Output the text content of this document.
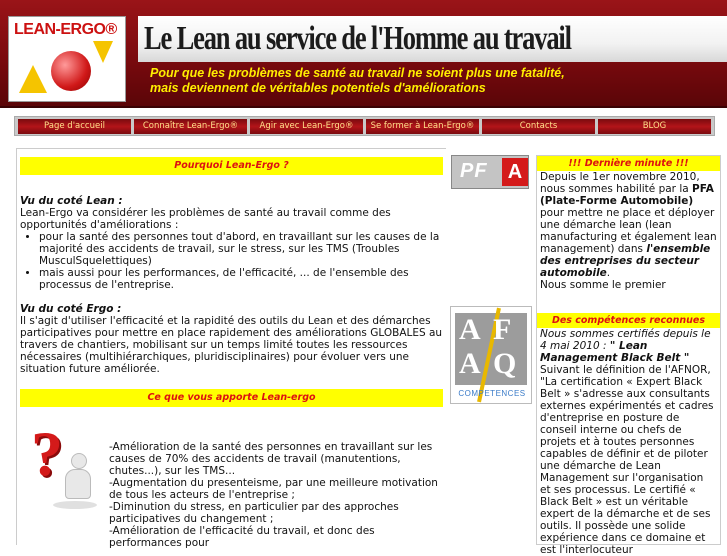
LEAN-ERGO® Le Lean au service de l'Homme au travail
Pour que les problèmes de santé au travail ne soient plus une fatalité,
mais deviennent de véritables potentiels d'améliorations
Page d'accueil	Connaître Lean-Ergo®	Agir avec Lean-Ergo®	Se former à Lean-Ergo®	Contacts	BLOG
Pourquoi Lean-Ergo ?
Vu du coté Lean :
Lean-Ergo va considérer les problèmes de santé au travail comme des opportunités d'améliorations :
• pour la santé des personnes tout d'abord, en travaillant sur les causes de la majorité des accidents de travail, sur le stress, sur les TMS (Troubles MusculSquelettiques)
• mais aussi pour les performances, de l'efficacité, ... de l'ensemble des processus de l'entreprise.
Vu du coté Ergo :
Il s'agit d'utiliser l'efficacité et la rapidité des outils du Lean et des démarches participatives pour mettre en place rapidement des améliorations GLOBALES au travers de chantiers, mobilisant sur un temps limité toutes les ressources nécessaires (multihiérarchiques, pluridisciplinaires) pour évoluer vers une situation future améliorée.
Ce que vous apporte Lean-ergo
?	-Amélioration de la santé des personnes en travaillant sur les causes de 70% des accidents de travail (manutentions, chutes...), sur les TMS...
-Augmentation du presenteisme, par une meilleure motivation de tous les acteurs de l'entreprise ;
-Diminution du stress, en particulier par des approches participatives du changement ;
-Amélioration de l'efficacité du travail, et donc des performances pour
PF A
A F
A Q
COMPETENCES
!!! Dernière minute !!!
Depuis le 1er novembre 2010, nous sommes habilité par la PFA (Plate-Forme Automobile) pour mettre ne place et déployer une démarche lean (lean manufacturing et également lean management) dans l'ensemble des entreprises du secteur automobile.
Nous somme le premier
Des compétences reconnues
Nous sommes certifiés depuis le 4 mai 2010 : " Lean Management Black Belt "
Suivant le définition de l'AFNOR, "La certification « Expert Black Belt » s'adresse aux consultants externes expérimentés et cadres d'entreprise en posture de conseil interne ou chefs de projets et à toutes personnes capables de définir et de piloter une démarche de Lean Management sur l'organisation et ses processus. Le certifié « Black Belt » est un véritable expert de la démarche et de ses outils. Il possède une solide expérience dans ce domaine et est l'interlocuteur
